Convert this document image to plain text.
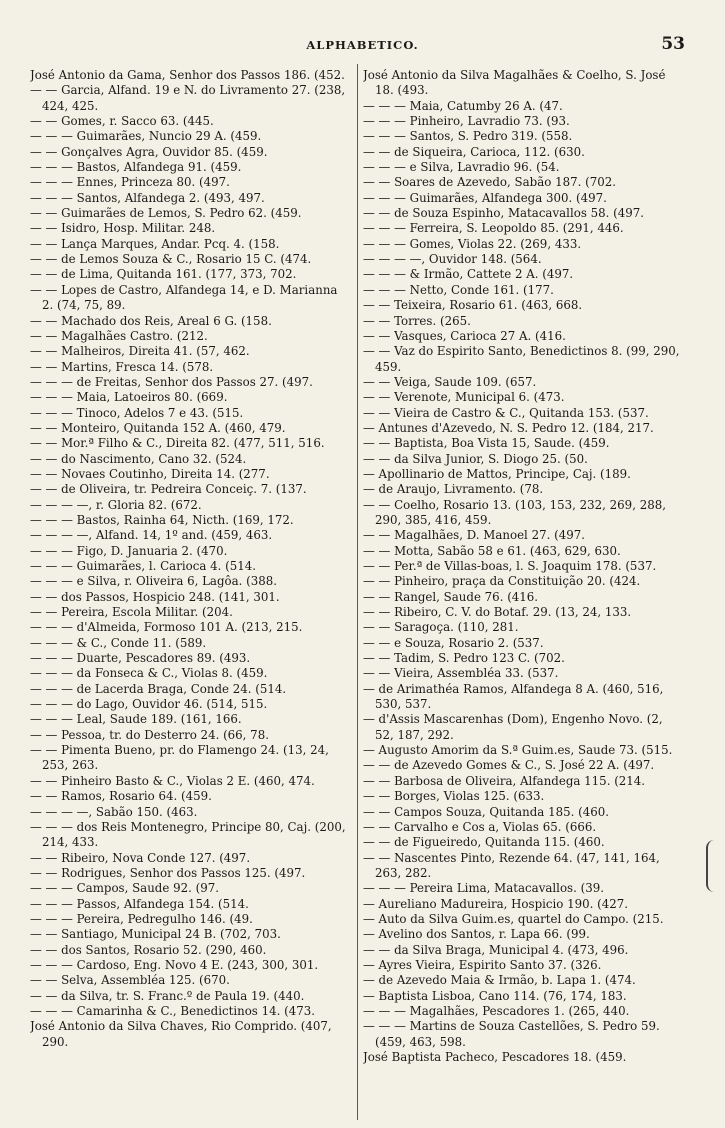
ALPHABETICO.	53
José Antonio da Gama, Senhor dos Passos 186. (452.
— — Garcia, Alfand. 19 e N. do Livramento 27. (238, 424, 425.
— — Gomes, r. Sacco 63. (445.
— — — Guimarães, Nuncio 29 A. (459.
— — Gonçalves Agra, Ouvidor 85. (459.
— — — Bastos, Alfandega 91. (459.
— — — Ennes, Princeza 80. (497.
— — — Santos, Alfandega 2. (493, 497.
— — Guimarães de Lemos, S. Pedro 62. (459.
— — Isidro, Hosp. Militar. 248.
— — Lança Marques, Andar. Pcq. 4. (158.
— — de Lemos Souza & C., Rosario 15 C. (474.
— — de Lima, Quitanda 161. (177, 373, 702.
— — Lopes de Castro, Alfandega 14, e D. Marianna 2. (74, 75, 89.
— — Machado dos Reis, Areal 6 G. (158.
— — Magalhães Castro. (212.
— — Malheiros, Direita 41. (57, 462.
— — Martins, Fresca 14. (578.
— — — de Freitas, Senhor dos Passos 27. (497.
— — — Maia, Latoeiros 80. (669.
— — — Tinoco, Adelos 7 e 43. (515.
— — Monteiro, Quitanda 152 A. (460, 479.
— — Mor.ª Filho & C., Direita 82. (477, 511, 516.
— — do Nascimento, Cano 32. (524.
— — Novaes Coutinho, Direita 14. (277.
— — de Oliveira, tr. Pedreira Conceiç. 7. (137.
— — — —, r. Gloria 82. (672.
— — — Bastos, Rainha 64, Nicth. (169, 172.
— — — —, Alfand. 14, 1º and. (459, 463.
— — — Figo, D. Januaria 2. (470.
— — — Guimarães, l. Carioca 4. (514.
— — — e Silva, r. Oliveira 6, Lagôa. (388.
— — dos Passos, Hospicio 248. (141, 301.
— — Pereira, Escola Militar. (204.
— — — d'Almeida, Formoso 101 A. (213, 215.
— — — & C., Conde 11. (589.
— — — Duarte, Pescadores 89. (493.
— — — da Fonseca & C., Violas 8. (459.
— — — de Lacerda Braga, Conde 24. (514.
— — — do Lago, Ouvidor 46. (514, 515.
— — — Leal, Saude 189. (161, 166.
— — Pessoa, tr. do Desterro 24. (66, 78.
— — Pimenta Bueno, pr. do Flamengo 24. (13, 24, 253, 263.
— — Pinheiro Basto & C., Violas 2 E. (460, 474.
— — Ramos, Rosario 64. (459.
— — — —, Sabão 150. (463.
— — — dos Reis Montenegro, Principe 80, Caj. (200, 214, 433.
— — Ribeiro, Nova Conde 127. (497.
— — Rodrigues, Senhor dos Passos 125. (497.
— — — Campos, Saude 92. (97.
— — — Passos, Alfandega 154. (514.
— — — Pereira, Pedregulho 146. (49.
— — Santiago, Municipal 24 B. (702, 703.
— — dos Santos, Rosario 52. (290, 460.
— — — Cardoso, Eng. Novo 4 E. (243, 300, 301.
— — Selva, Assembléa 125. (670.
— — da Silva, tr. S. Franc.º de Paula 19. (440.
— — — Camarinha & C., Benedictinos 14. (473.
José Antonio da Silva Chaves, Rio Comprido. (407, 290.
José Antonio da Silva Magalhães & Coelho, S. José 18. (493.
— — — Maia, Catumby 26 A. (47.
— — — Pinheiro, Lavradio 73. (93.
— — — Santos, S. Pedro 319. (558.
— — de Siqueira, Carioca, 112. (630.
— — — e Silva, Lavradio 96. (54.
— — Soares de Azevedo, Sabão 187. (702.
— — — Guimarães, Alfandega 300. (497.
— — de Souza Espinho, Matacavallos 58. (497.
— — — Ferreira, S. Leopoldo 85. (291, 446.
— — — Gomes, Violas 22. (269, 433.
— — — —, Ouvidor 148. (564.
— — — & Irmão, Cattete 2 A. (497.
— — — Netto, Conde 161. (177.
— — Teixeira, Rosario 61. (463, 668.
— — Torres. (265.
— — Vasques, Carioca 27 A. (416.
— — Vaz do Espirito Santo, Benedictinos 8. (99, 290, 459.
— — Veiga, Saude 109. (657.
— — Verenote, Municipal 6. (473.
— — Vieira de Castro & C., Quitanda 153. (537.
— Antunes d'Azevedo, N. S. Pedro 12. (184, 217.
— — Baptista, Boa Vista 15, Saude. (459.
— — da Silva Junior, S. Diogo 25. (50.
— Apollinario de Mattos, Principe, Caj. (189.
— de Araujo, Livramento. (78.
— — Coelho, Rosario 13. (103, 153, 232, 269, 288, 290, 385, 416, 459.
— — Magalhães, D. Manoel 27. (497.
— — Motta, Sabão 58 e 61. (463, 629, 630.
— — Per.ª de Villas-boas, l. S. Joaquim 178. (537.
— — Pinheiro, praça da Constituição 20. (424.
— — Rangel, Saude 76. (416.
— — Ribeiro, C. V. do Botaf. 29. (13, 24, 133.
— — Saragoça. (110, 281.
— — e Souza, Rosario 2. (537.
— — Tadim, S. Pedro 123 C. (702.
— — Vieira, Assembléa 33. (537.
— de Arimathéa Ramos, Alfandega 8 A. (460, 516, 530, 537.
— d'Assis Mascarenhas (Dom), Engenho Novo. (2, 52, 187, 292.
— Augusto Amorim da S.ª Guim.es, Saude 73. (515.
— — de Azevedo Gomes & C., S. José 22 A. (497.
— — Barbosa de Oliveira, Alfandega 115. (214.
— — Borges, Violas 125. (633.
— — Campos Souza, Quitanda 185. (460.
— — Carvalho e Cos a, Violas 65. (666.
— — de Figueiredo, Quitanda 115. (460.
— — Nascentes Pinto, Rezende 64. (47, 141, 164, 263, 282.
— — — Pereira Lima, Matacavallos. (39.
— Aureliano Madureira, Hospicio 190. (427.
— Auto da Silva Guim.es, quartel do Campo. (215.
— Avelino dos Santos, r. Lapa 66. (99.
— — da Silva Braga, Municipal 4. (473, 496.
— Ayres Vieira, Espirito Santo 37. (326.
— de Azevedo Maia & Irmão, b. Lapa 1. (474.
— Baptista Lisboa, Cano 114. (76, 174, 183.
— — — Magalhães, Pescadores 1. (265, 440.
— — — Martins de Souza Castellões, S. Pedro 59. (459, 463, 598.
José Baptista Pacheco, Pescadores 18. (459.
